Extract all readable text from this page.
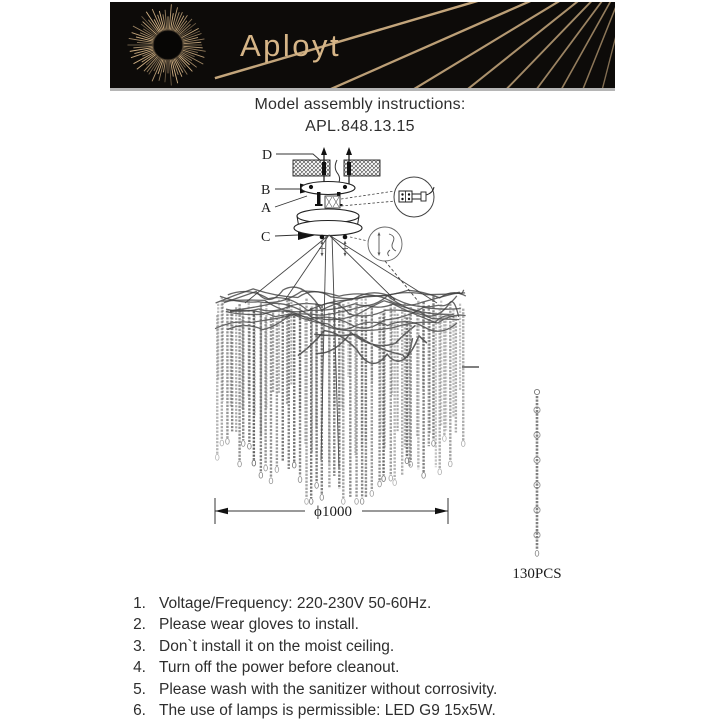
Aployt
Model assembly instructions:
APL.848.13.15
D
B
A
C
ϕ1000
130PCS
1. Voltage/Frequency: 220-230V 50-60Hz.
2. Please wear gloves to install.
3. Don`t install it on the moist ceiling.
4. Turn off the power before cleanout.
5. Please wash with the sanitizer without corrosivity.
6. The use of lamps is permissible: LED G9 15x5W.
